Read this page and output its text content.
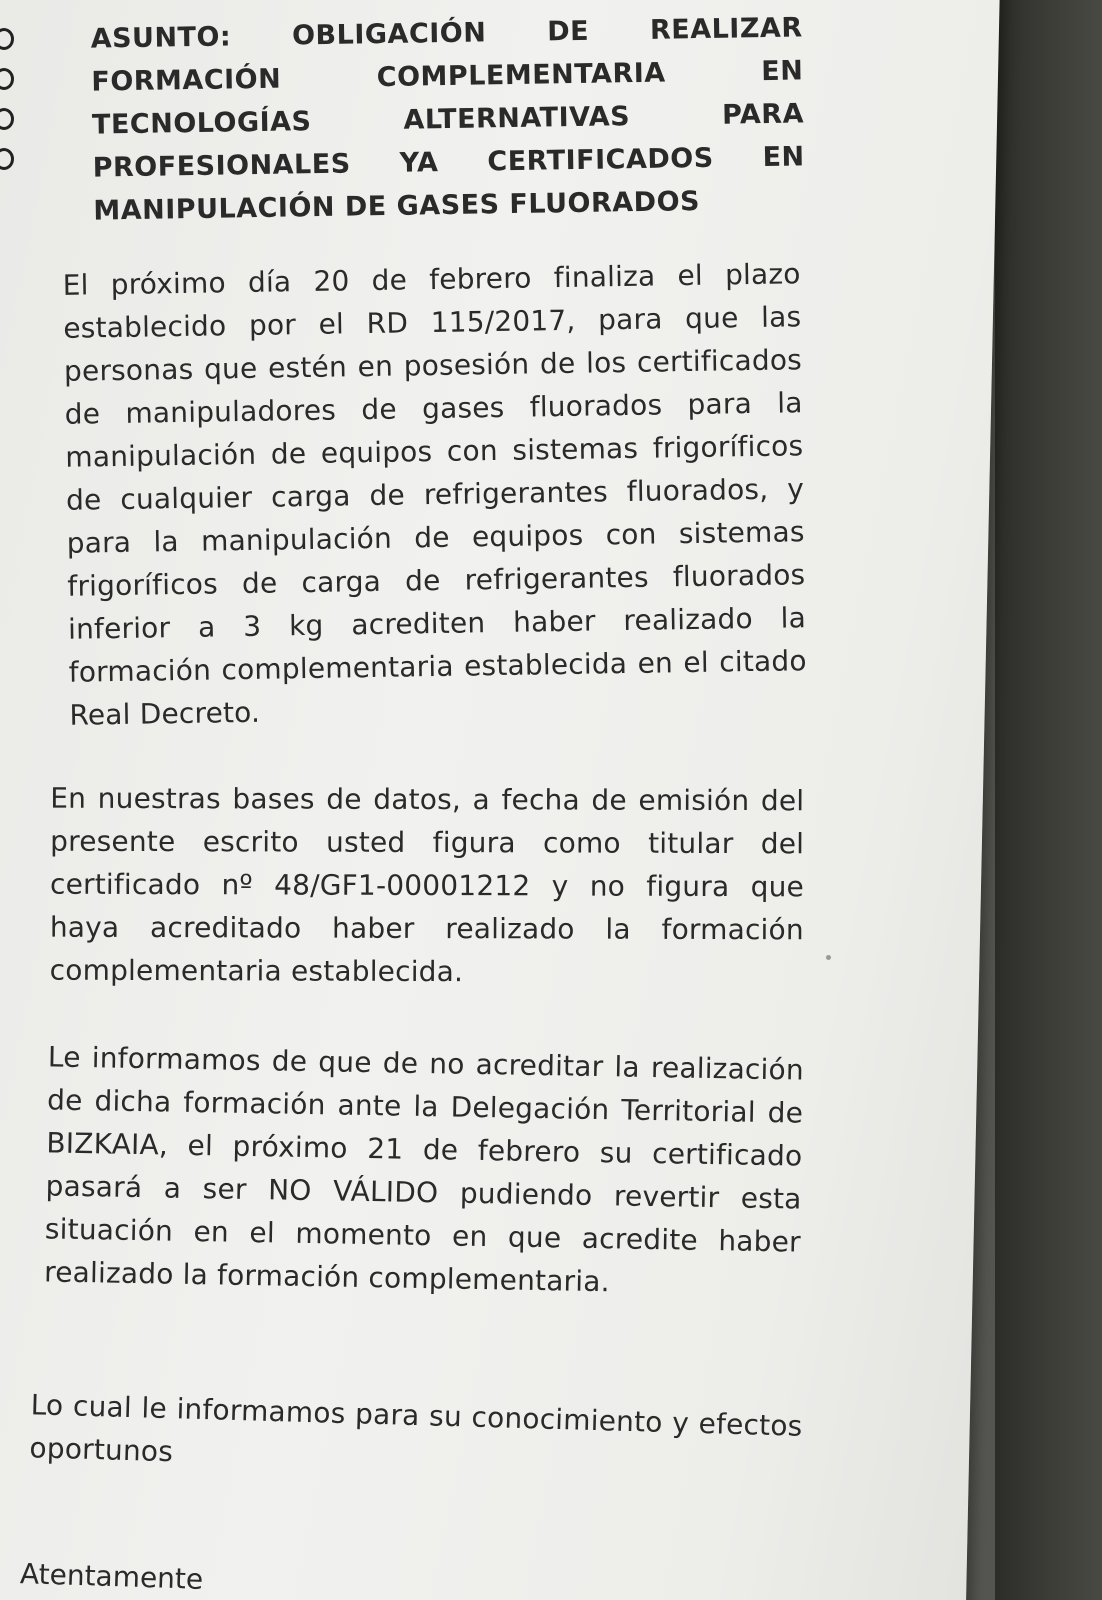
ASUNTO: OBLIGACIÓN DE REALIZAR FORMACIÓN COMPLEMENTARIA EN TECNOLOGÍAS ALTERNATIVAS PARA PROFESIONALES YA CERTIFICADOS EN MANIPULACIÓN DE GASES FLUORADOS
El próximo día 20 de febrero finaliza el plazo establecido por el RD 115/2017, para que las personas que estén en posesión de los certificados de manipuladores de gases fluorados para la manipulación de equipos con sistemas frigoríficos de cualquier carga de refrigerantes fluorados, y para la manipulación de equipos con sistemas frigoríficos de carga de refrigerantes fluorados inferior a 3 kg acrediten haber realizado la formación complementaria establecida en el citado Real Decreto.
En nuestras bases de datos, a fecha de emisión del presente escrito usted figura como titular del certificado nº 48/GF1-00001212 y no figura que haya acreditado haber realizado la formación complementaria establecida.
Le informamos de que de no acreditar la realización de dicha formación ante la Delegación Territorial de BIZKAIA, el próximo 21 de febrero su certificado pasará a ser NO VÁLIDO pudiendo revertir esta situación en el momento en que acredite haber realizado la formación complementaria.
Lo cual le informamos para su conocimiento y efectos oportunos
Atentamente
